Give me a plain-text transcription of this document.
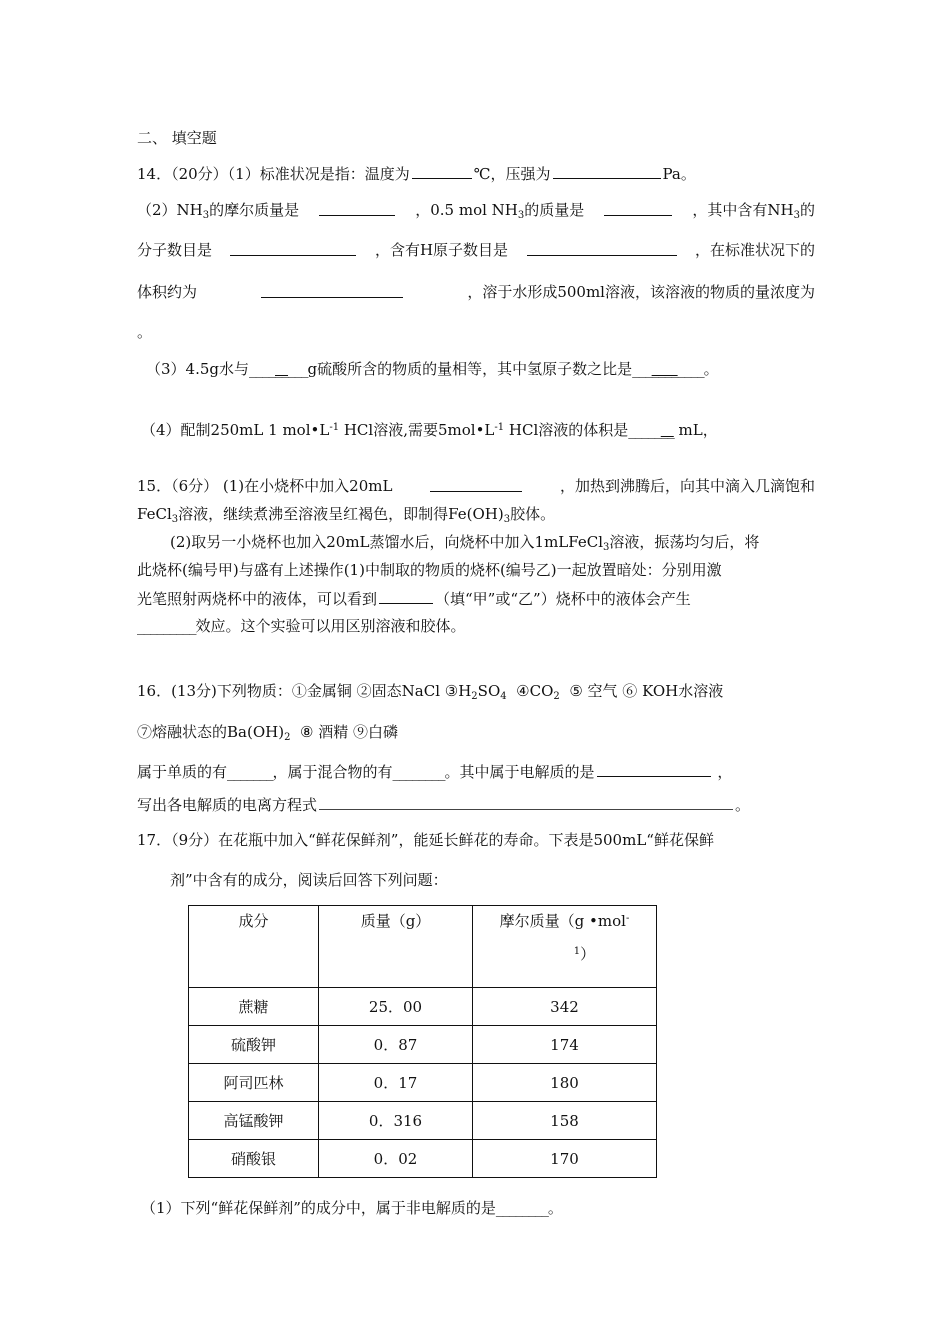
二、 填空题
14．（20分）（1）标准状况是指：温度为	℃，压强为	Pa。
$(2)NH_3$的摩尔质量是	，0.5 mol $NH_3$的质量是	，其中含有$NH_3$的
分子数目是	，含有H原子数目是	，在标准状况下的
体积约为	，溶于水形成500ml溶液，该溶液的物质的量浓度为
。
（3）4.5g水与_________g硫酸所含的物质的量相等，其中氢原子数之比是___________。
（4）配制250mL 1 $mol•L^{-1}$ HCl溶液,需要$5mol•L^{-1}$ HCl溶液的体积是_______ mL，
15．（6分） (1)在小烧杯中加入20mL	，加热到沸腾后，向其中滴入几滴饱和
FeCl$_3$溶液，继续煮沸至溶液呈红褐色，即制得$Fe(OH)_3$胶体。
(2)取另一小烧杯也加入20mL蒸馏水后，向烧杯中加入1mLFeCl$_3$溶液，振荡均匀后，将
此烧杯(编号甲)与盛有上述操作(1)中制取的物质的烧杯(编号乙)一起放置暗处：分别用激
光笔照射两烧杯中的液体，可以看到	（填“甲”或“乙”）烧杯中的液体会产生
_________效应。这个实验可以用区别溶液和胶体。
16．(13分)下列物质：①金属铜 ②固态NaCl $③H_2SO_4$ $④CO_2$ ⑤ 空气 ⑥ KOH水溶液
⑦熔融状态的$Ba(OH)_2$ ⑧ 酒精 ⑨白磷
属于单质的有_______，属于混合物的有________。其中属于电解质的是	，
写出各电解质的电离方程式	。
17．（9分）在花瓶中加入“鲜花保鲜剂”，能延长鲜花的寿命。下表是500mL“鲜花保鲜
剂”中含有的成分，阅读后回答下列问题：
成分	质量（g）	摩尔质量（g •mol-
$^1$）

蔗糖	25．00	342
硫酸钾	0．87	174
阿司匹林	0．17	180
高锰酸钾	0．316	158
硝酸银	0．02	170
（1）下列“鲜花保鲜剂”的成分中，属于非电解质的是________。
